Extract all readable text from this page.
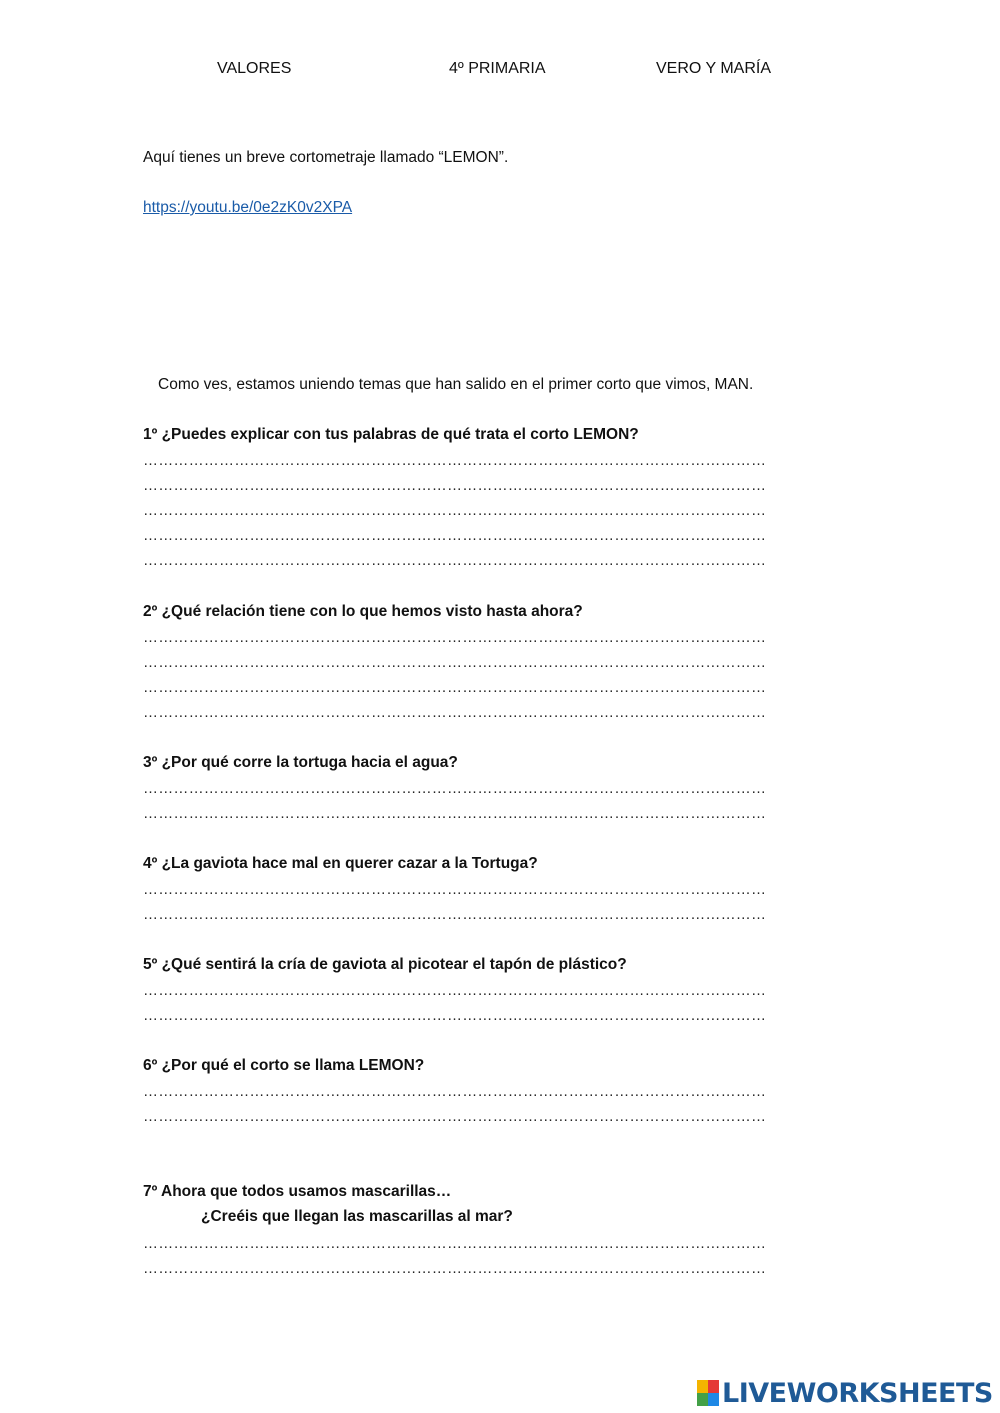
VALORES	4º PRIMARIA	VERO Y MARÍA
Aquí tienes un breve cortometraje llamado “LEMON”.
https://youtu.be/0e2zK0v2XPA
Como ves, estamos uniendo temas que han salido en el primer corto que vimos, MAN.
1º ¿Puedes explicar con tus palabras de qué trata el corto LEMON?
……………………………………………………………………………………………………………
……………………………………………………………………………………………………………
……………………………………………………………………………………………………………
……………………………………………………………………………………………………………
……………………………………………………………………………………………………………
2º ¿Qué relación tiene con lo que hemos visto hasta ahora?
……………………………………………………………………………………………………………
……………………………………………………………………………………………………………
……………………………………………………………………………………………………………
……………………………………………………………………………………………………………
3º ¿Por qué corre la tortuga hacia el agua?
……………………………………………………………………………………………………………
……………………………………………………………………………………………………………
4º ¿La gaviota hace mal en querer cazar a la Tortuga?
……………………………………………………………………………………………………………
……………………………………………………………………………………………………………
5º ¿Qué sentirá la cría de gaviota al picotear el tapón de plástico?
……………………………………………………………………………………………………………
……………………………………………………………………………………………………………
6º ¿Por qué el corto se llama LEMON?
……………………………………………………………………………………………………………
……………………………………………………………………………………………………………
7º Ahora que todos usamos mascarillas…
¿Creéis que llegan las mascarillas al mar?
……………………………………………………………………………………………………………
……………………………………………………………………………………………………………
LIVEWORKSHEETS
